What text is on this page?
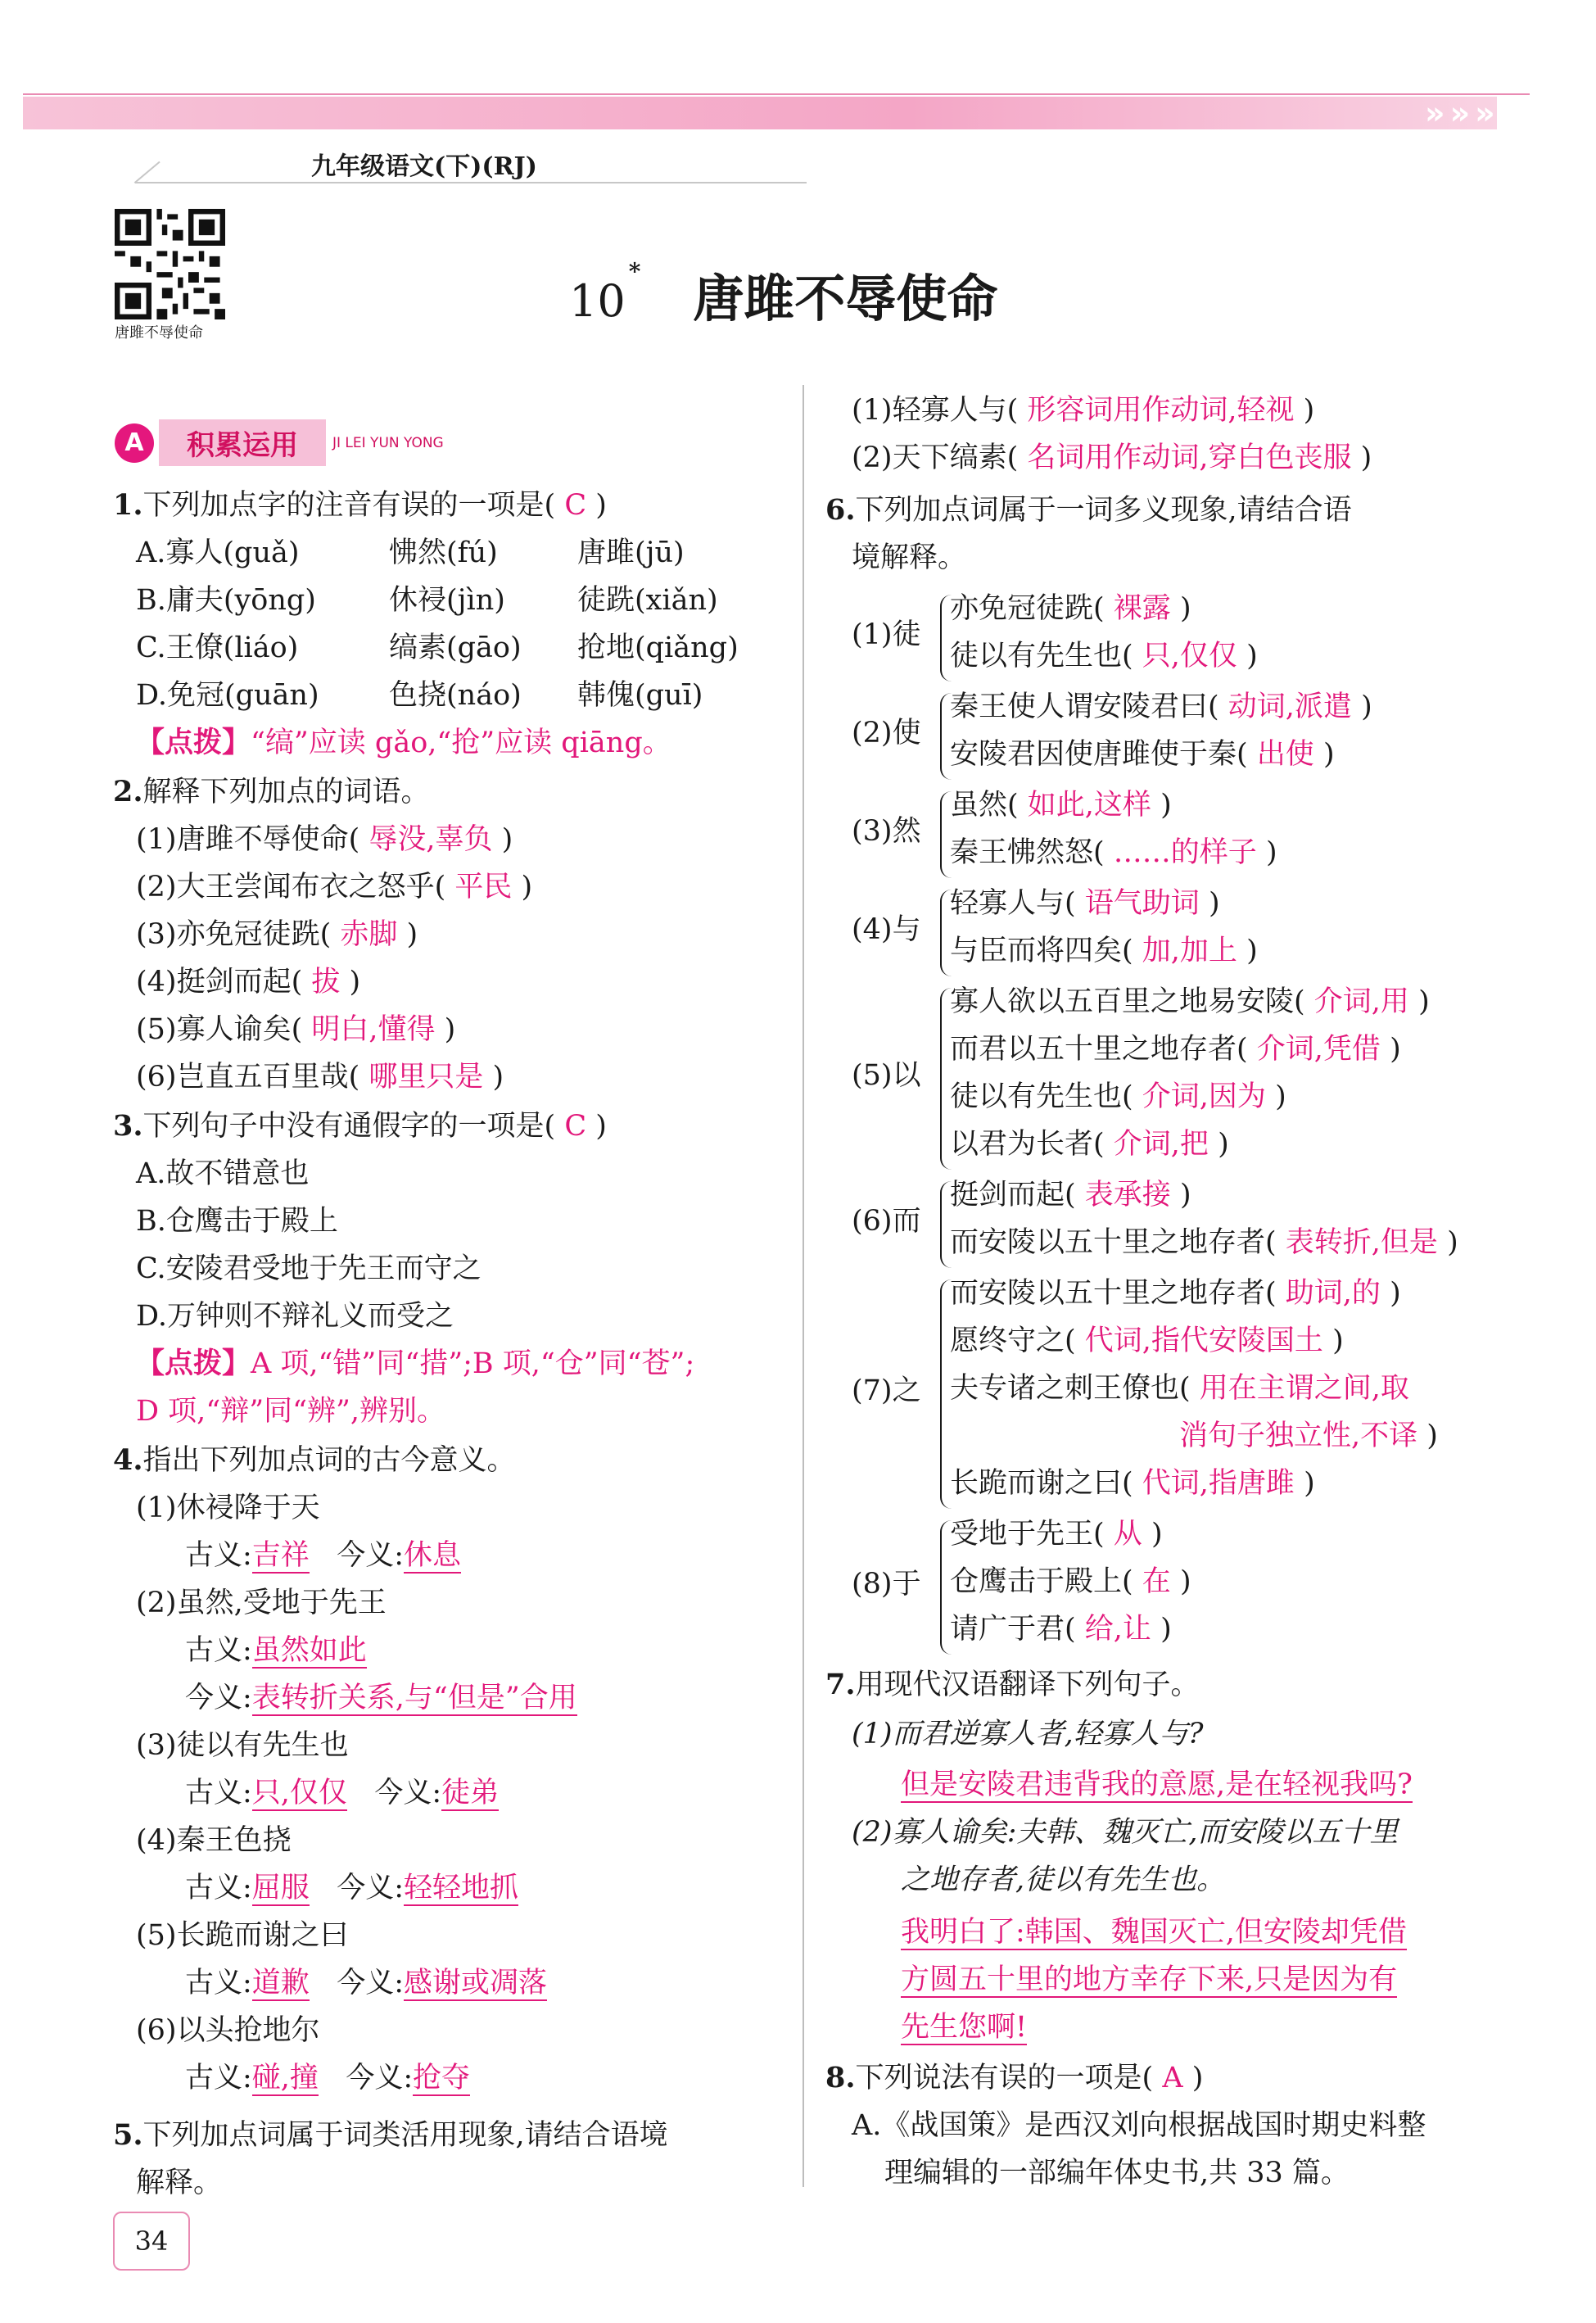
» » »
九年级语文(下)(RJ)
唐雎不辱使命
10* 唐雎不辱使命
A	积累运用	JI LEI YUN YONG
1.下列加点字的注音有误的一项是( C )
A.寡人(guǎ)	怫然(fú)	唐雎(jū)
B.庸夫(yōng)	休祲(jìn)	徒跣(xiǎn)
C.王僚(liáo)	缟素(gāo) 抢地(qiǎng)
D.免冠(guān) 色挠(náo) 韩傀(guī)
【点拨】“缟”应读 gǎo,“抢”应读 qiāng。
2.解释下列加点的词语。
(1)唐雎不辱使命( 辱没,辜负 )
(2)大王尝闻布衣之怒乎( 平民 )
(3)亦免冠徒跣( 赤脚 )
(4)挺剑而起( 拔 )
(5)寡人谕矣( 明白,懂得 )
(6)岂直五百里哉( 哪里只是 )
3.下列句子中没有通假字的一项是( C )
A.故不错意也
B.仓鹰击于殿上
C.安陵君受地于先王而守之
D.万钟则不辩礼义而受之
【点拨】A 项,“错”同“措”;B 项,“仓”同“苍”;
D 项,“辩”同“辨”,辨别。
4.指出下列加点词的古今意义。
(1)休祲降于天
古义:吉祥 今义:休息
(2)虽然,受地于先王
古义:虽然如此
今义:表转折关系,与“但是”合用
(3)徒以有先生也
古义:只,仅仅 今义:徒弟
(4)秦王色挠
古义:屈服 今义:轻轻地抓
(5)长跪而谢之曰
古义:道歉 今义:感谢或凋落
(6)以头抢地尔
古义:碰,撞 今义:抢夺
5.下列加点词属于词类活用现象,请结合语境
解释。
(1)轻寡人与( 形容词用作动词,轻视 )
(2)天下缟素( 名词用作动词,穿白色丧服 )
6.下列加点词属于一词多义现象,请结合语
境解释。
(1)徒
亦免冠徒跣( 裸露 )
徒以有先生也( 只,仅仅 )
(2)使
秦王使人谓安陵君曰( 动词,派遣 )
安陵君因使唐雎使于秦( 出使 )
(3)然
虽然( 如此,这样 )
秦王怫然怒( ……的样子 )
(4)与
轻寡人与( 语气助词 )
与臣而将四矣( 加,加上 )
(5)以
寡人欲以五百里之地易安陵( 介词,用 )
而君以五十里之地存者( 介词,凭借 )
徒以有先生也( 介词,因为 )
以君为长者( 介词,把 )
(6)而
挺剑而起( 表承接 )
而安陵以五十里之地存者( 表转折,但是 )
(7)之
而安陵以五十里之地存者( 助词,的 )
愿终守之( 代词,指代安陵国土 )
夫专诸之刺王僚也( 用在主谓之间,取
消句子独立性,不译 )
长跪而谢之曰( 代词,指唐雎 )
(8)于
受地于先王( 从 )
仓鹰击于殿上( 在 )
请广于君( 给,让 )
7.用现代汉语翻译下列句子。
(1)而君逆寡人者,轻寡人与?
但是安陵君违背我的意愿,是在轻视我吗?
(2)寡人谕矣:夫韩、魏灭亡,而安陵以五十里
之地存者,徒以有先生也。
我明白了:韩国、魏国灭亡,但安陵却凭借
方圆五十里的地方幸存下来,只是因为有
先生您啊!
8.下列说法有误的一项是( A )
A.《战国策》是西汉刘向根据战国时期史料整
理编辑的一部编年体史书,共 33 篇。
34
